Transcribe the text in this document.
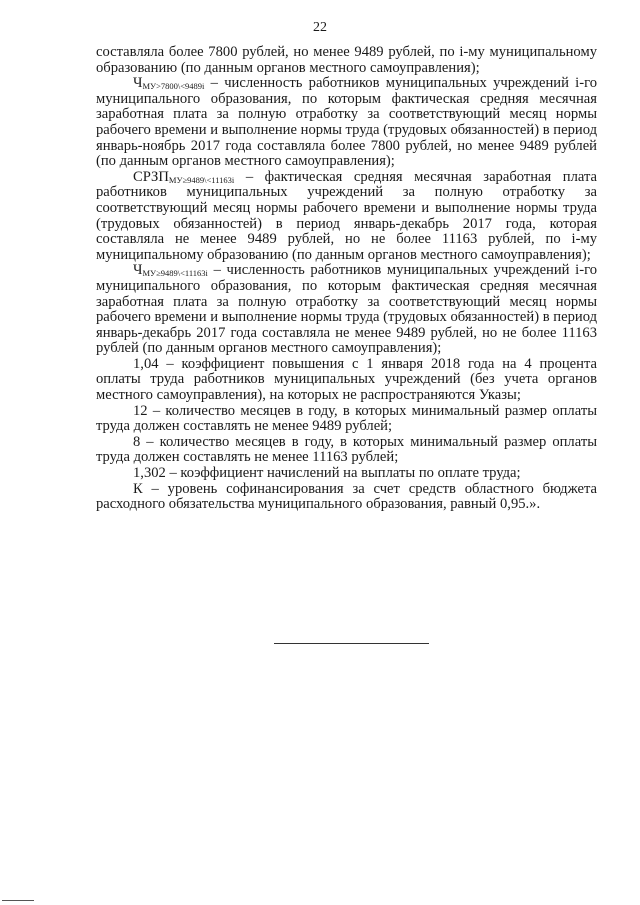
22

составляла более 7800 рублей, но менее 9489 рублей, по i-му муниципальному образованию (по данным органов местного самоуправления);

$Ч_{МУ>7800\backslash<9489i}$ – численность работников муниципальных учреждений i-го муниципального образования, по которым фактическая средняя месячная заработная плата за полную отработку за соответствующий месяц нормы рабочего времени и выполнение нормы труда (трудовых обязанностей) в период январь-ноябрь 2017 года составляла более 7800 рублей, но менее 9489 рублей (по данным органов местного самоуправления);

$СРЗП_{МУ\ge 9489\backslash<11163i}$ – фактическая средняя месячная заработная плата работников муниципальных учреждений за полную отработку за соответствующий месяц нормы рабочего времени и выполнение нормы труда (трудовых обязанностей) в период январь-декабрь 2017 года, которая составляла не менее 9489 рублей, но не более 11163 рублей, по i-му муниципальному образованию (по данным органов местного самоуправления);

$Ч_{МУ\ge 9489\backslash<11163i}$ – численность работников муниципальных учреждений i-го муниципального образования, по которым фактическая средняя месячная заработная плата за полную отработку за соответствующий месяц нормы рабочего времени и выполнение нормы труда (трудовых обязанностей) в период январь-декабрь 2017 года составляла не менее 9489 рублей, но не более 11163 рублей (по данным органов местного самоуправления);

1,04 – коэффициент повышения с 1 января 2018 года на 4 процента оплаты труда работников муниципальных учреждений (без учета органов местного самоуправления), на которых не распространяются Указы;

12 – количество месяцев в году, в которых минимальный размер оплаты труда должен составлять не менее 9489 рублей;

8 – количество месяцев в году, в которых минимальный размер оплаты труда должен составлять не менее 11163 рублей;

1,302 – коэффициент начислений на выплаты по оплате труда;

К – уровень софинансирования за счет средств областного бюджета расходного обязательства муниципального образования, равный 0,95.».
